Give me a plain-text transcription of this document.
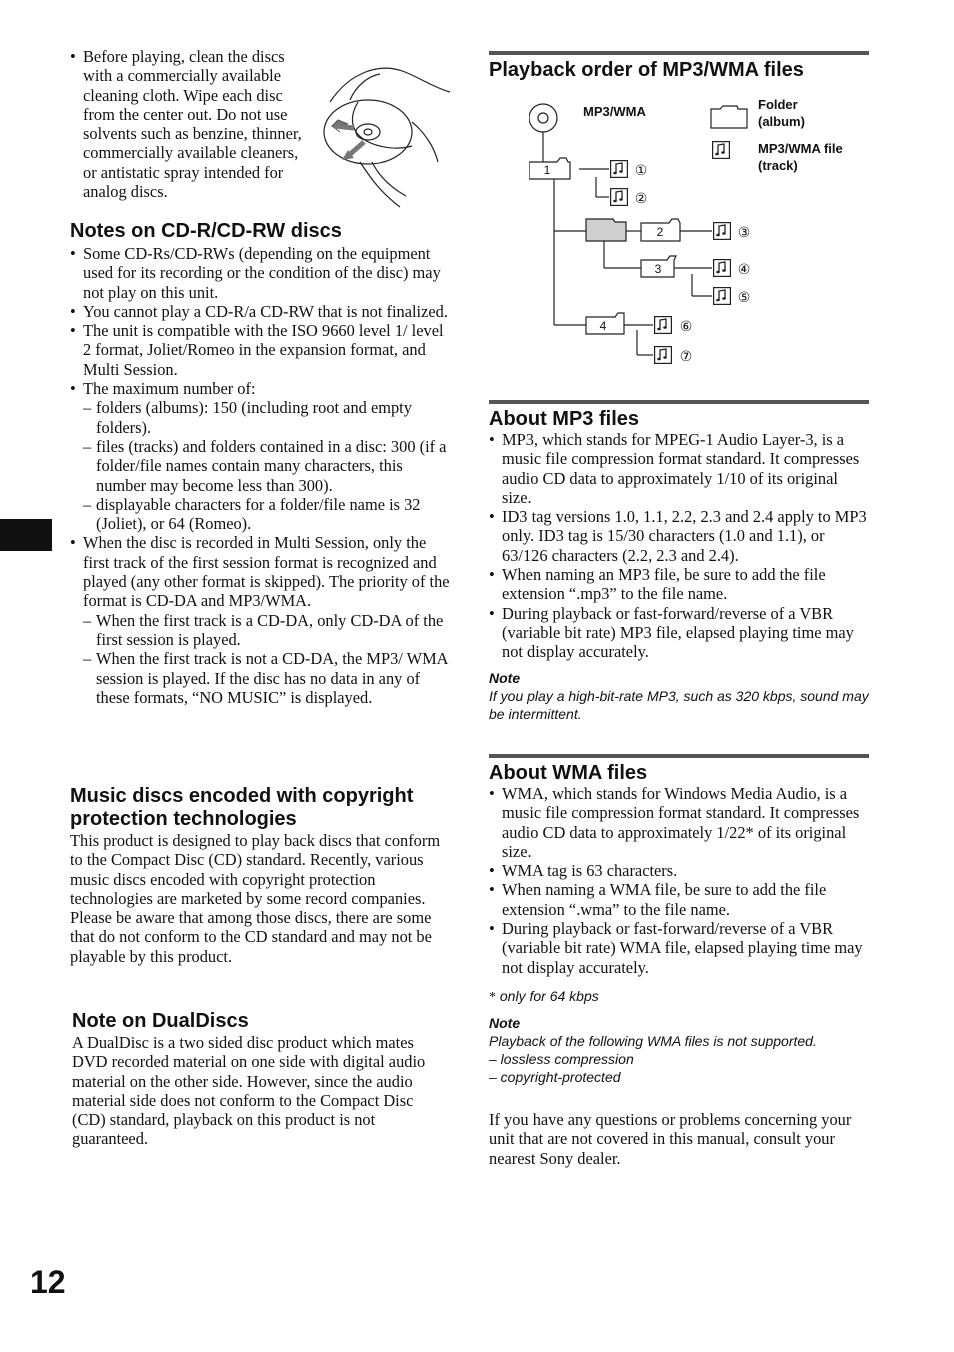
• Before playing, clean the discs with a commercially available cleaning cloth. Wipe each disc from the center out. Do not use solvents such as benzine, thinner, commercially available cleaners, or antistatic spray intended for analog discs.
Notes on CD-R/CD-RW discs
• Some CD-Rs/CD-RWs (depending on the equipment used for its recording or the condition of the disc) may not play on this unit.
• You cannot play a CD-R/a CD-RW that is not finalized.
• The unit is compatible with the ISO 9660 level 1/ level 2 format, Joliet/Romeo in the expansion format, and Multi Session.
• The maximum number of:
– folders (albums): 150 (including root and empty folders).
– files (tracks) and folders contained in a disc: 300 (if a folder/file names contain many characters, this number may become less than 300).
– displayable characters for a folder/file name is 32 (Joliet), or 64 (Romeo).
• When the disc is recorded in Multi Session, only the first track of the first session format is recognized and played (any other format is skipped). The priority of the format is CD-DA and MP3/WMA.
– When the first track is a CD-DA, only CD-DA of the first session is played.
– When the first track is not a CD-DA, the MP3/ WMA session is played. If the disc has no data in any of these formats, “NO MUSIC” is displayed.
Music discs encoded with copyright protection technologies

This product is designed to play back discs that conform to the Compact Disc (CD) standard. Recently, various music discs encoded with copyright protection technologies are marketed by some record companies. Please be aware that among those discs, there are some that do not conform to the CD standard and may not be playable by this product.

Note on DualDiscs

A DualDisc is a two sided disc product which mates DVD recorded material on one side with digital audio material on the other side. However, since the audio material side does not conform to the Compact Disc (CD) standard, playback on this product is not guaranteed.

12
Playback order of MP3/WMA files
MP3/WMA	Folder
(album)
MP3/WMA file
(track)
1	①
②
2	③
3	④
⑤
4	⑥
⑦
About MP3 files
• MP3, which stands for MPEG-1 Audio Layer-3, is a music file compression format standard. It compresses audio CD data to approximately 1/10 of its original size.
• ID3 tag versions 1.0, 1.1, 2.2, 2.3 and 2.4 apply to MP3 only. ID3 tag is 15/30 characters (1.0 and 1.1), or 63/126 characters (2.2, 2.3 and 2.4).
• When naming an MP3 file, be sure to add the file extension “.mp3” to the file name.
• During playback or fast-forward/reverse of a VBR (variable bit rate) MP3 file, elapsed playing time may not display accurately.
Note
If you play a high-bit-rate MP3, such as 320 kbps, sound may be intermittent.
About WMA files
• WMA, which stands for Windows Media Audio, is a music file compression format standard. It compresses audio CD data to approximately 1/22* of its original size.
• WMA tag is 63 characters.
• When naming a WMA file, be sure to add the file extension “.wma” to the file name.
• During playback or fast-forward/reverse of a VBR (variable bit rate) WMA file, elapsed playing time may not display accurately.
* only for 64 kbps
Note
Playback of the following WMA files is not supported.
– lossless compression
– copyright-protected

If you have any questions or problems concerning your unit that are not covered in this manual, consult your nearest Sony dealer.
